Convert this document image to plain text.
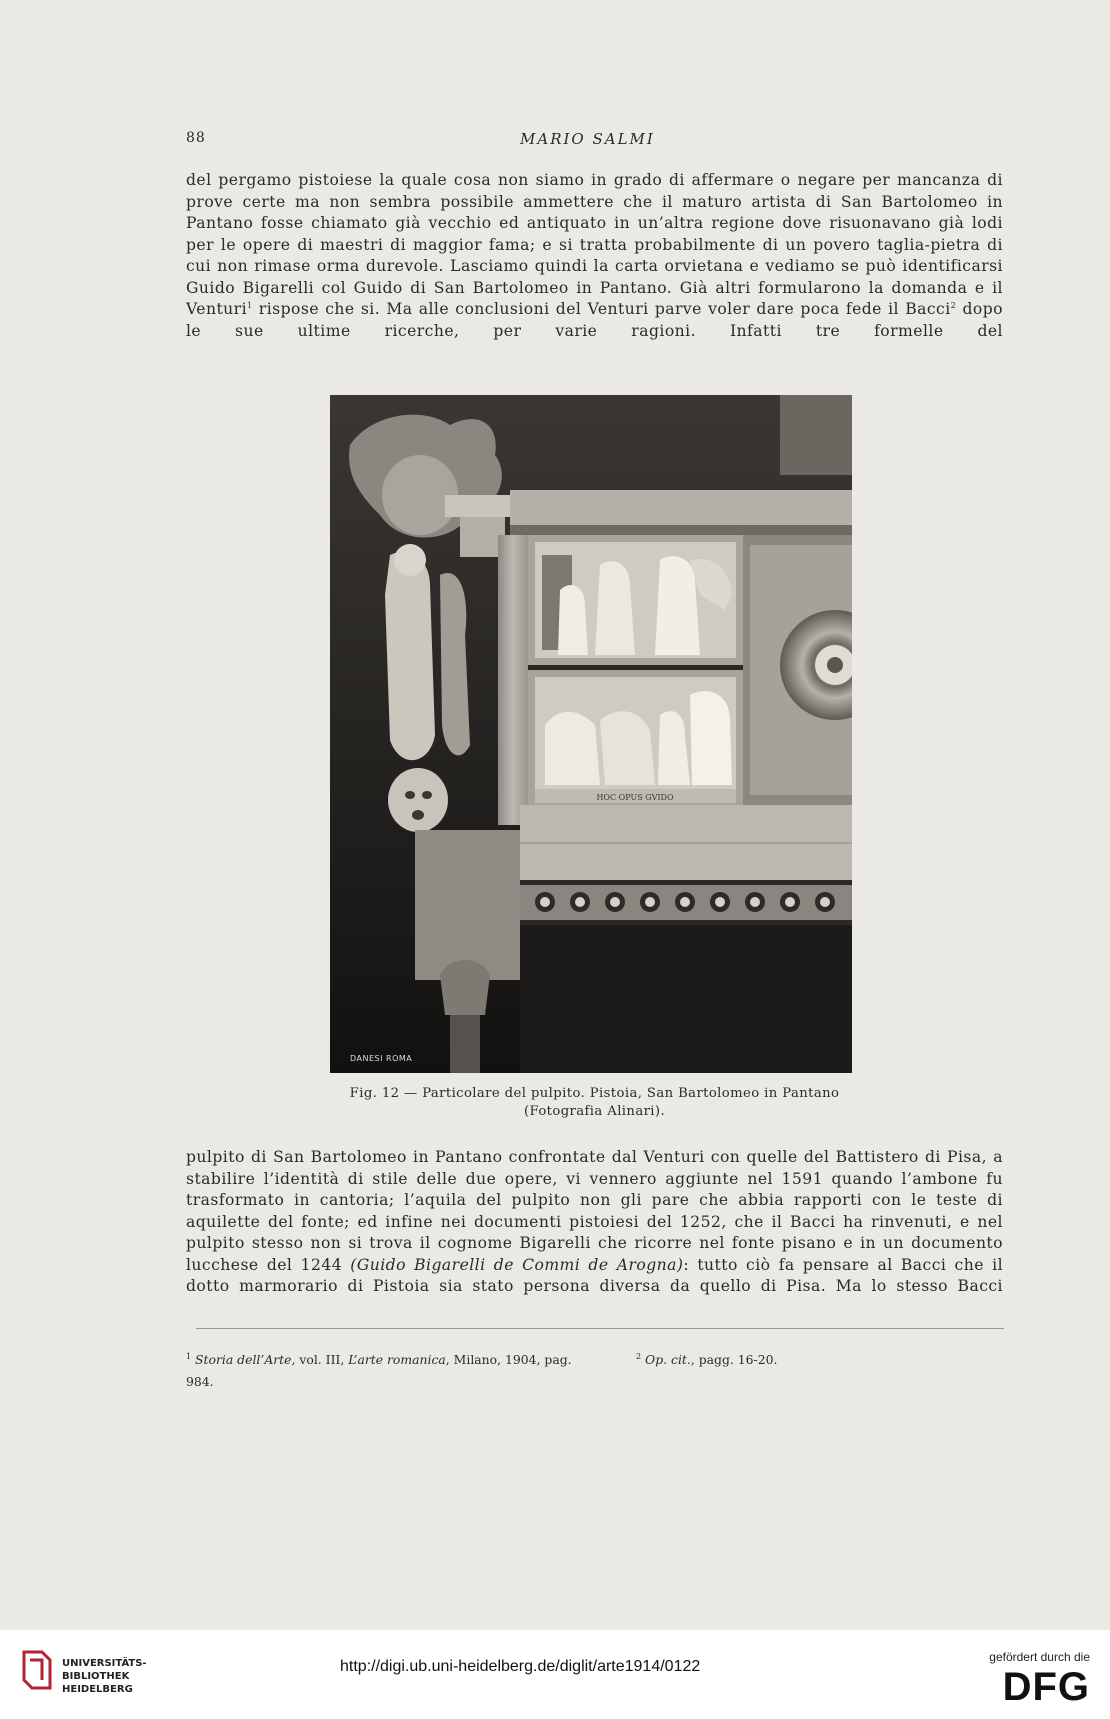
88	MARIO SALMI
del pergamo pistoiese la quale cosa non siamo in grado di affermare o negare per mancanza di prove certe ma non sembra possibile ammettere che il maturo artista di San Bartolomeo in Pantano fosse chiamato già vecchio ed antiquato in un’altra regione dove risuonavano già lodi per le opere di maestri di maggior fama; e si tratta probabilmente di un povero taglia-pietra di cui non rimase orma durevole. Lasciamo quindi la carta orvietana e vediamo se può identificarsi Guido Bigarelli col Guido di San Bartolomeo in Pantano. Già altri formularono la domanda e il Venturi$^1$ rispose che si. Ma alle conclusioni del Venturi parve voler dare poca fede il Bacci$^2$ dopo le sue ultime ricerche, per varie ragioni. Infatti tre formelle del
HOC OPUS GVIDO
DANESI ROMA
Fig. 12 — Particolare del pulpito. Pistoia, San Bartolomeo in Pantano
(Fotografia Alinari).
pulpito di San Bartolomeo in Pantano confrontate dal Venturi con quelle del Battistero di Pisa, a stabilire l’identità di stile delle due opere, vi vennero aggiunte nel 1591 quando l’ambone fu trasformato in cantoria; l’aquila del pulpito non gli pare che abbia rapporti con le teste di aquilette del fonte; ed infine nei documenti pistoiesi del 1252, che il Bacci ha rinvenuti, e nel pulpito stesso non si trova il cognome Bigarelli che ricorre nel fonte pisano e in un documento lucchese del 1244 (Guido Bigarelli de Commi de Arogna): tutto ciò fa pensare al Bacci che il dotto marmorario di Pistoia sia stato persona diversa da quello di Pisa. Ma lo stesso Bacci
$^1$ Storia dell’Arte, vol. III, L’arte romanica, Milano, 1904, pag. 984.
$^2$ Op. cit., pagg. 16-20.
UNIVERSITÄTS-
BIBLIOTHEK
HEIDELBERG
http://digi.ub.uni-heidelberg.de/diglit/arte1914/0122
gefördert durch die
DFG
